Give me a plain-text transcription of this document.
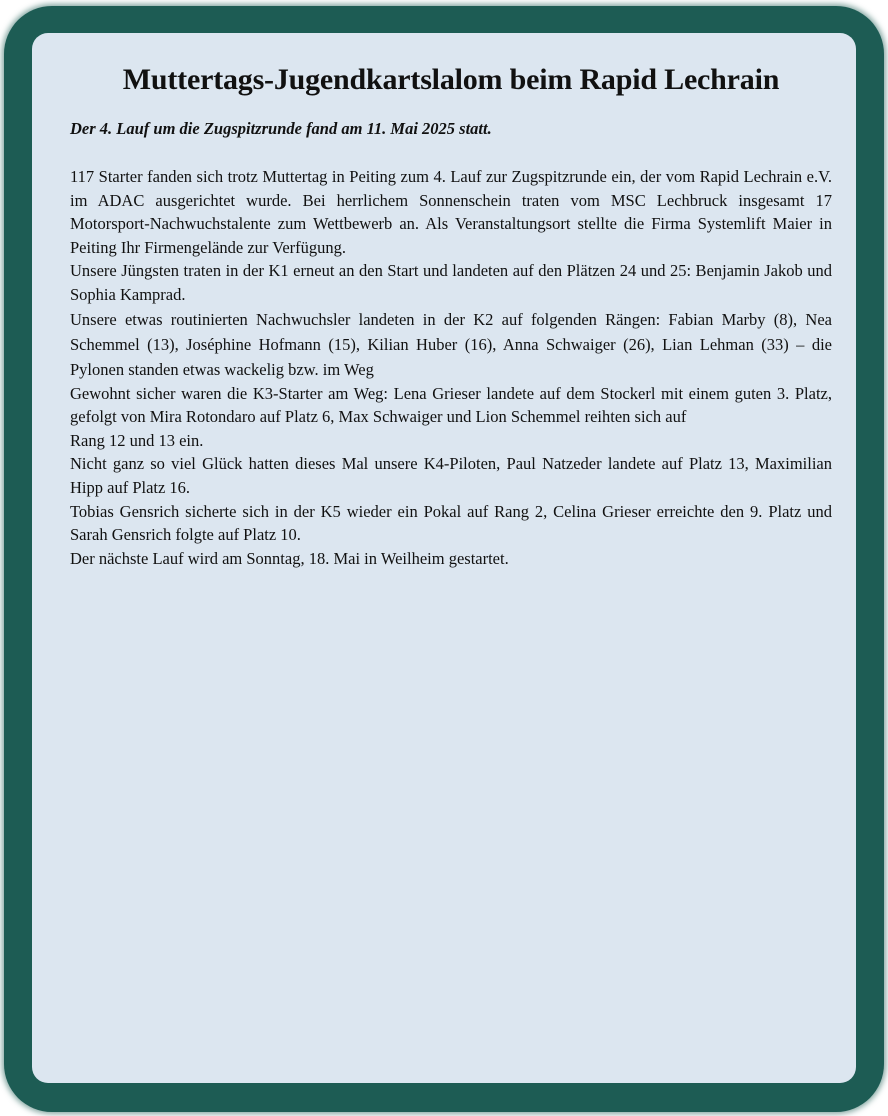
Muttertags-Jugendkartslalom beim Rapid Lechrain

Der 4. Lauf um die Zugspitzrunde fand am 11. Mai 2025 statt.

117 Starter fanden sich trotz Muttertag in Peiting zum 4. Lauf zur Zugspitzrunde ein, der vom Rapid Lechrain e.V. im ADAC ausgerichtet wurde. Bei herrlichem Sonnenschein traten vom MSC Lechbruck insgesamt 17 Motorsport-Nachwuchstalente zum Wettbewerb an. Als Veranstaltungsort stellte die Firma Systemlift Maier in Peiting Ihr Firmengelände zur Verfügung.

Unsere Jüngsten traten in der K1 erneut an den Start und landeten auf den Plätzen 24 und 25: Benjamin Jakob und Sophia Kamprad.

Unsere etwas routinierten Nachwuchsler landeten in der K2 auf folgenden Rängen: Fabian Marby (8), Nea Schemmel (13), Joséphine Hofmann (15), Kilian Huber (16), Anna Schwaiger (26), Lian Lehman (33) – die Pylonen standen etwas wackelig bzw. im Weg

Gewohnt sicher waren die K3-Starter am Weg: Lena Grieser landete auf dem Stockerl mit einem guten 3. Platz, gefolgt von Mira Rotondaro auf Platz 6, Max Schwaiger und Lion Schemmel reihten sich auf

Rang 12 und 13 ein.

Nicht ganz so viel Glück hatten dieses Mal unsere K4-Piloten, Paul Natzeder landete auf Platz 13, Maximilian Hipp auf Platz 16.

Tobias Gensrich sicherte sich in der K5 wieder ein Pokal auf Rang 2, Celina Grieser erreichte den 9. Platz und Sarah Gensrich folgte auf Platz 10.

Der nächste Lauf wird am Sonntag, 18. Mai in Weilheim gestartet.
